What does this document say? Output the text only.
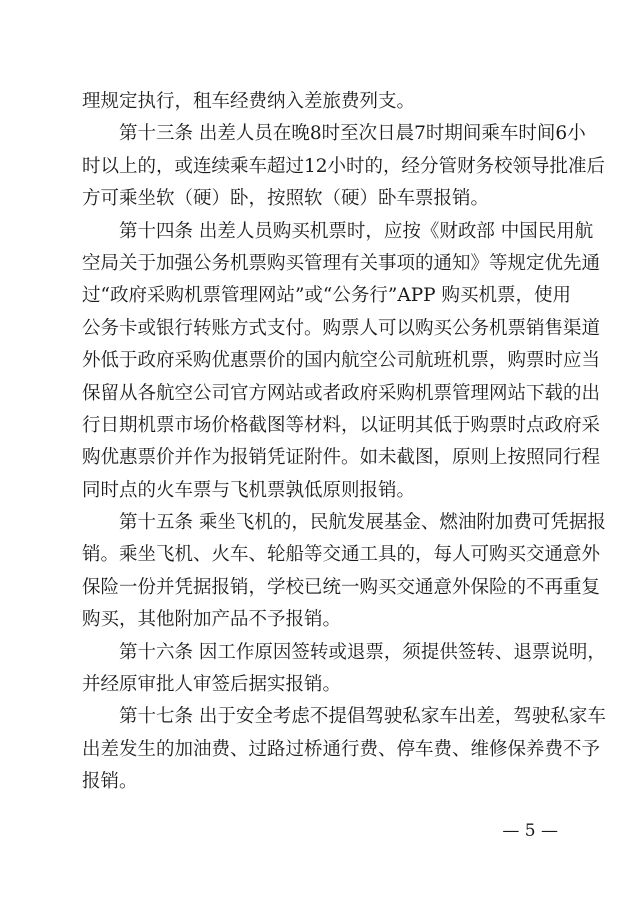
理规定执行，租车经费纳入差旅费列支。
第十三条 出差人员在晚8时至次日晨7时期间乘车时间6小
时以上的，或连续乘车超过12小时的，经分管财务校领导批准后
方可乘坐软（硬）卧，按照软（硬）卧车票报销。
第十四条 出差人员购买机票时，应按《财政部 中国民用航
空局关于加强公务机票购买管理有关事项的通知》等规定优先通
过“政府采购机票管理网站”或“公务行”APP 购买机票，使用
公务卡或银行转账方式支付。购票人可以购买公务机票销售渠道
外低于政府采购优惠票价的国内航空公司航班机票，购票时应当
保留从各航空公司官方网站或者政府采购机票管理网站下载的出
行日期机票市场价格截图等材料，以证明其低于购票时点政府采
购优惠票价并作为报销凭证附件。如未截图，原则上按照同行程
同时点的火车票与飞机票孰低原则报销。
第十五条 乘坐飞机的，民航发展基金、燃油附加费可凭据报
销。乘坐飞机、火车、轮船等交通工具的，每人可购买交通意外
保险一份并凭据报销，学校已统一购买交通意外保险的不再重复
购买，其他附加产品不予报销。
第十六条 因工作原因签转或退票，须提供签转、退票说明，
并经原审批人审签后据实报销。
第十七条 出于安全考虑不提倡驾驶私家车出差，驾驶私家车
出差发生的加油费、过路过桥通行费、停车费、维修保养费不予
报销。
— 5 —
